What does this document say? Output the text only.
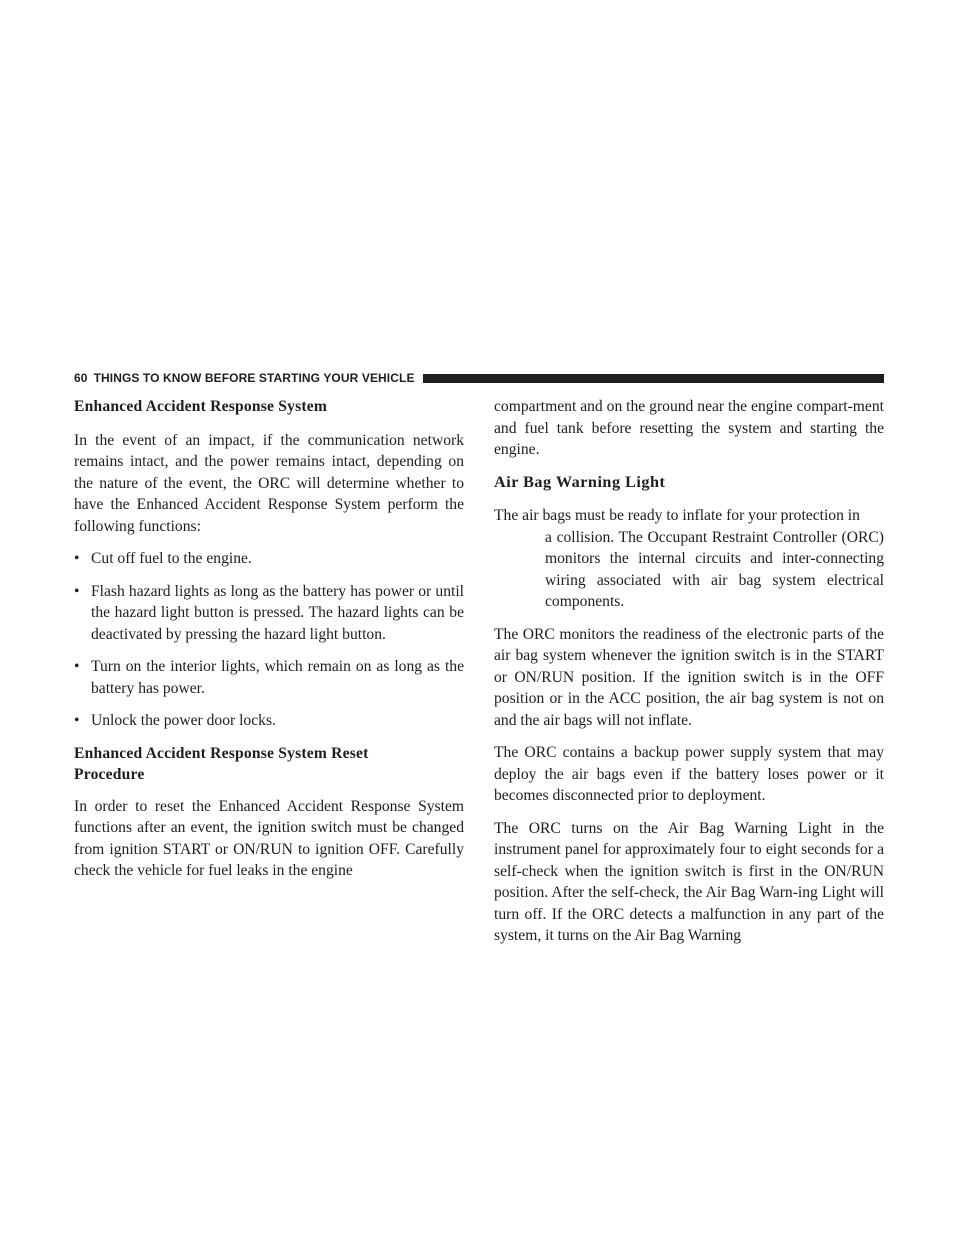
60 THINGS TO KNOW BEFORE STARTING YOUR VEHICLE
Enhanced Accident Response System

In the event of an impact, if the communication network remains intact, and the power remains intact, depending on the nature of the event, the ORC will determine whether to have the Enhanced Accident Response System perform the following functions:

• Cut off fuel to the engine.
• Flash hazard lights as long as the battery has power or until the hazard light button is pressed. The hazard lights can be deactivated by pressing the hazard light button.
• Turn on the interior lights, which remain on as long as the battery has power.
• Unlock the power door locks.
Enhanced Accident Response System Reset
Procedure

In order to reset the Enhanced Accident Response System functions after an event, the ignition switch must be changed from ignition START or ON/RUN to ignition OFF. Carefully check the vehicle for fuel leaks in the engine

compartment and on the ground near the engine compart-ment and fuel tank before resetting the system and starting the engine.

Air Bag Warning Light
The air bags must be ready to inflate for your protection in
a collision. The Occupant Restraint Controller (ORC) monitors the internal circuits and inter-connecting wiring associated with air bag system electrical components.

The ORC monitors the readiness of the electronic parts of the air bag system whenever the ignition switch is in the START or ON/RUN position. If the ignition switch is in the OFF position or in the ACC position, the air bag system is not on and the air bags will not inflate.

The ORC contains a backup power supply system that may deploy the air bags even if the battery loses power or it becomes disconnected prior to deployment.

The ORC turns on the Air Bag Warning Light in the instrument panel for approximately four to eight seconds for a self-check when the ignition switch is first in the ON/RUN position. After the self-check, the Air Bag Warn-ing Light will turn off. If the ORC detects a malfunction in any part of the system, it turns on the Air Bag Warning
